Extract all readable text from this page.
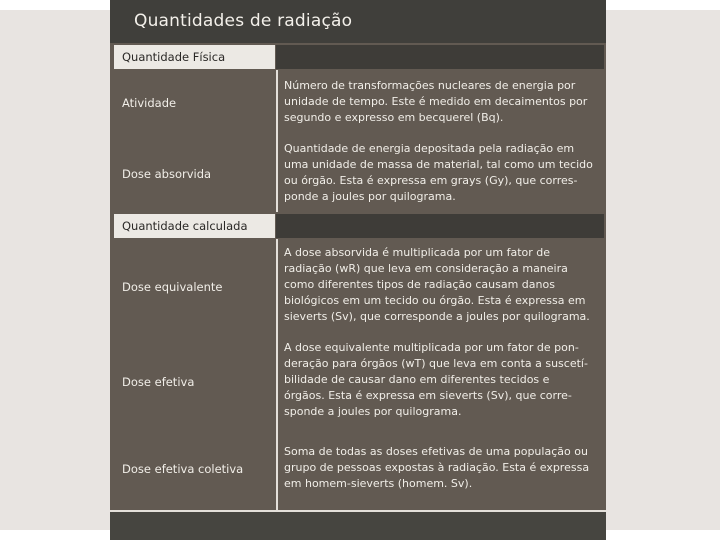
Quantidades de radiação
Quantidade Física
Atividade
Número de transformações nucleares de energia por
unidade de tempo. Este é medido em decaimentos por
segundo e expresso em becquerel (Bq).
Dose absorvida
Quantidade de energia depositada pela radiação em
uma unidade de massa de material, tal como um tecido
ou órgão. Esta é expressa em grays (Gy), que corres-
ponde a joules por quilograma.
Quantidade calculada
Dose equivalente
A dose absorvida é multiplicada por um fator de
radiação (wR) que leva em consideração a maneira
como diferentes tipos de radiação causam danos
biológicos em um tecido ou órgão. Esta é expressa em
sieverts (Sv), que corresponde a joules por quilograma.
Dose efetiva
A dose equivalente multiplicada por um fator de pon-
deração para órgãos (wT) que leva em conta a suscetí-
bilidade de causar dano em diferentes tecidos e
órgãos. Esta é expressa em sieverts (Sv), que corre-
sponde a joules por quilograma.
Dose efetiva coletiva
Soma de todas as doses efetivas de uma população ou
grupo de pessoas expostas à radiação. Esta é expressa
em homem-sieverts (homem. Sv).
